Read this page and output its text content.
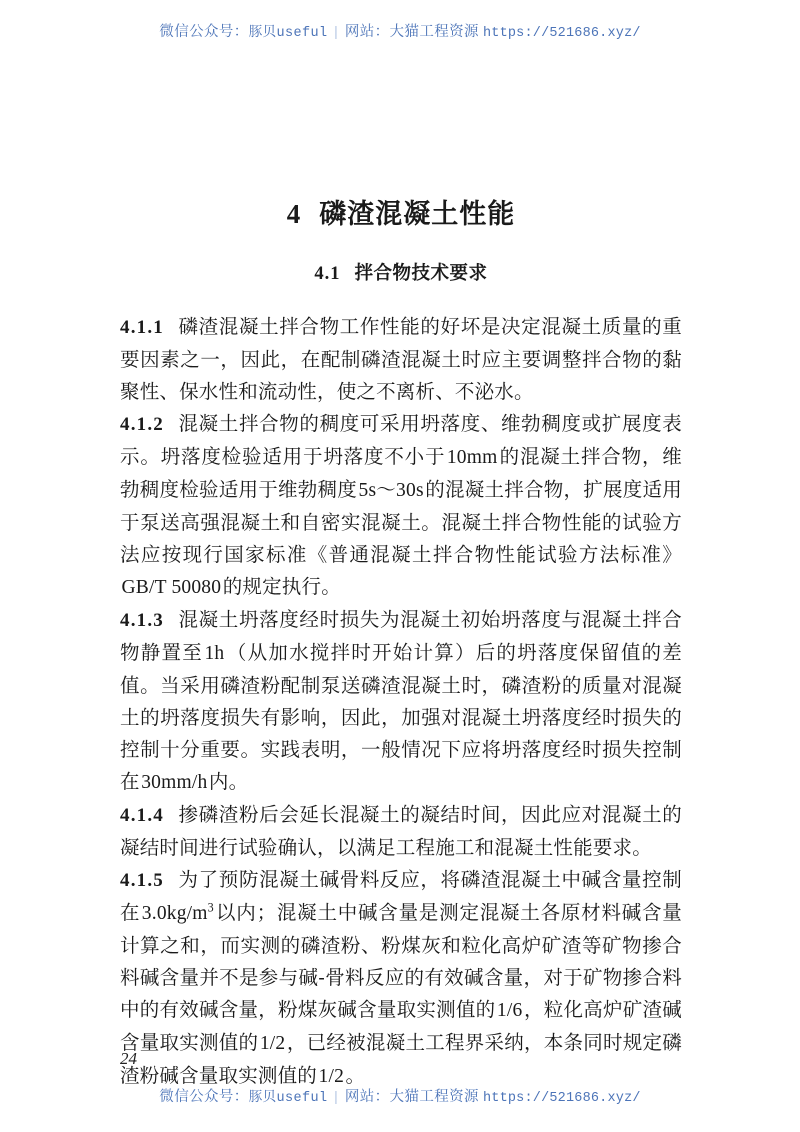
微信公众号：豚贝useful | 网站：大猫工程资源 https://521686.xyz/
4 磷渣混凝土性能
4.1 拌合物技术要求

4.1.1 磷渣混凝土拌合物工作性能的好坏是决定混凝土质量的重要因素之一，因此，在配制磷渣混凝土时应主要调整拌合物的黏聚性、保水性和流动性，使之不离析、不泌水。

4.1.2 混凝土拌合物的稠度可采用坍落度、维勃稠度或扩展度表示。坍落度检验适用于坍落度不小于10mm的混凝土拌合物，维勃稠度检验适用于维勃稠度5s～30s的混凝土拌合物，扩展度适用于泵送高强混凝土和自密实混凝土。混凝土拌合物性能的试验方法应按现行国家标准《普通混凝土拌合物性能试验方法标准》GB/T 50080的规定执行。

4.1.3 混凝土坍落度经时损失为混凝土初始坍落度与混凝土拌合物静置至1h（从加水搅拌时开始计算）后的坍落度保留值的差值。当采用磷渣粉配制泵送磷渣混凝土时，磷渣粉的质量对混凝土的坍落度损失有影响，因此，加强对混凝土坍落度经时损失的控制十分重要。实践表明，一般情况下应将坍落度经时损失控制在30mm/h内。

4.1.4 掺磷渣粉后会延长混凝土的凝结时间，因此应对混凝土的凝结时间进行试验确认，以满足工程施工和混凝土性能要求。

4.1.5 为了预防混凝土碱骨料反应，将磷渣混凝土中碱含量控制在$3.0kg/m^3$以内；混凝土中碱含量是测定混凝土各原材料碱含量计算之和，而实测的磷渣粉、粉煤灰和粒化高炉矿渣等矿物掺合料碱含量并不是参与碱-骨料反应的有效碱含量，对于矿物掺合料中的有效碱含量，粉煤灰碱含量取实测值的1/6，粒化高炉矿渣碱含量取实测值的1/2，已经被混凝土工程界采纳，本条同时规定磷渣粉碱含量取实测值的1/2。

24
微信公众号：豚贝useful | 网站：大猫工程资源 https://521686.xyz/
